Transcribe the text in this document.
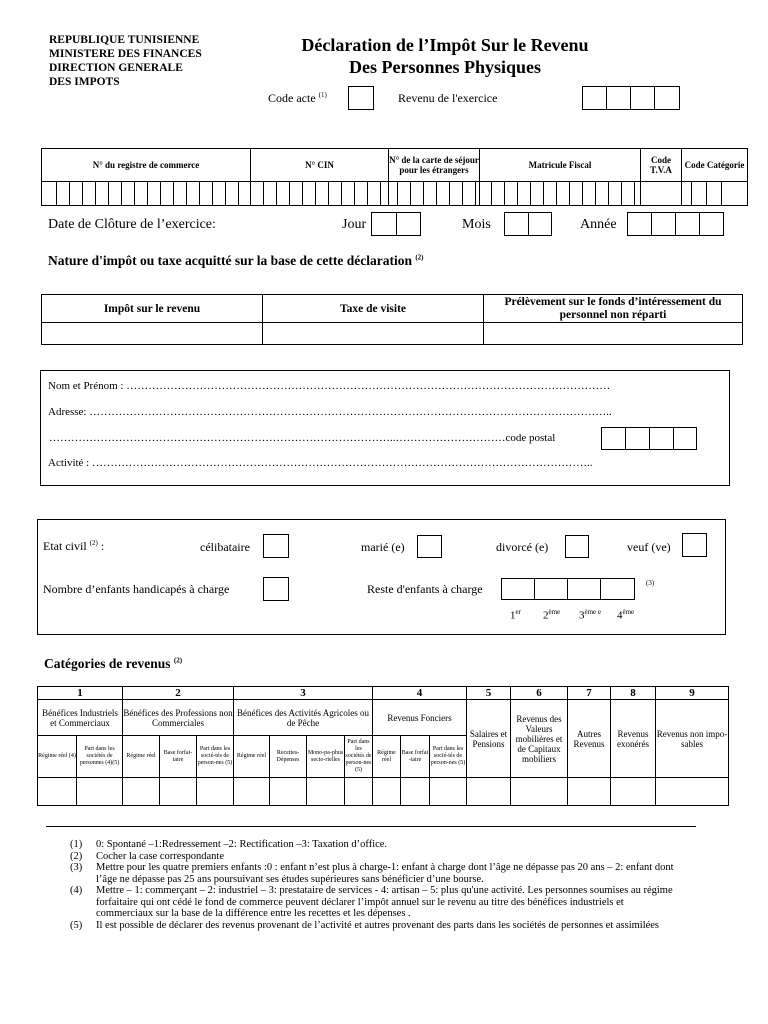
REPUBLIQUE TUNISIENNE
MINISTERE DES FINANCES
DIRECTION GENERALE
DES IMPOTS
Déclaration de l’Impôt Sur le Revenu
Des Personnes Physiques
Code acte $^{(1)}$	Revenu de l'exercice
N° du registre de commerce	N° CIN	N° de la carte de séjour pour les étrangers	Matricule Fiscal	Code T.V.A	Code Catégorie

Date de Clôture de l’exercice:	Jour	Mois	Année
Nature d'impôt ou taxe acquitté sur la base de cette déclaration $^{(2)}$
Impôt sur le revenu	Taxe de visite	Prélèvement sur le fonds d’intéressement du personnel non réparti

Nom et Prénom : ……………………………………………………………………………………………………………………
Adresse: ……………………………………………………………………………………………………………………………..
…………………………………………………………………………………..…………………………code postal
Activité : ………………………………………………………………………………………………………………………..
Etat civil $^{(2)}$ :	célibataire	marié (e)	divorcé (e)	veuf (ve)
Nombre d’enfants handicapés à charge	Reste d'enfants à charge	(3)
1er 2ème $3^{ème e}$ 4ème
Catégories de revenus $^{(2)}$
1		2			3				4			5	6	7	8	9
Bénéfices Industriels et Commerciaux		Bénéfices des Professions non Commerciales			Bénéfices des Activités Agricoles ou de Pêche				Revenus Fonciers			Salaires et Pensions	Revenus des Valeurs mobilières et de Capitaux mobiliers	Autres Revenus	Revenus exonérés	Revenus non impo-sables
Régime réel (4)	Part dans les sociétés de personnes (4)(5)	Régime réel	Base forfai-taire	Part dans les socié-tés de person-nes (5)	Régime réel	Recettes-Dépenses	Mono-pa-phus secto-rielles	Part dans les sociétés de person-nes (5)	Régime réel	Base forfai -taire	Part dans les socié-tés de person-nes (5)					

(1)	0: Spontané –1:Redressement –2: Rectification –3: Taxation d’office.
(2)	Cocher la case correspondante
(3)	Mettre pour les quatre premiers enfants :0 : enfant n’est plus à charge-1: enfant à charge dont l’âge ne dépasse pas 20 ans – 2: enfant dont l’âge ne dépasse pas 25 ans poursuivant ses études supérieures sans bénéficier d’une bourse.
(4)	Mettre – 1: commerçant – 2: industriel – 3: prestataire de services - 4: artisan – 5: plus qu'une activité. Les personnes soumises au régime forfaitaire qui ont cédé le fond de commerce peuvent déclarer l’impôt annuel sur le revenu au titre des bénéfices industriels et commerciaux sur la base de la différence entre les recettes et les dépenses .
(5)	Il est possible de déclarer des revenus provenant de l’activité et autres provenant des parts dans les sociétés de personnes et assimilées
